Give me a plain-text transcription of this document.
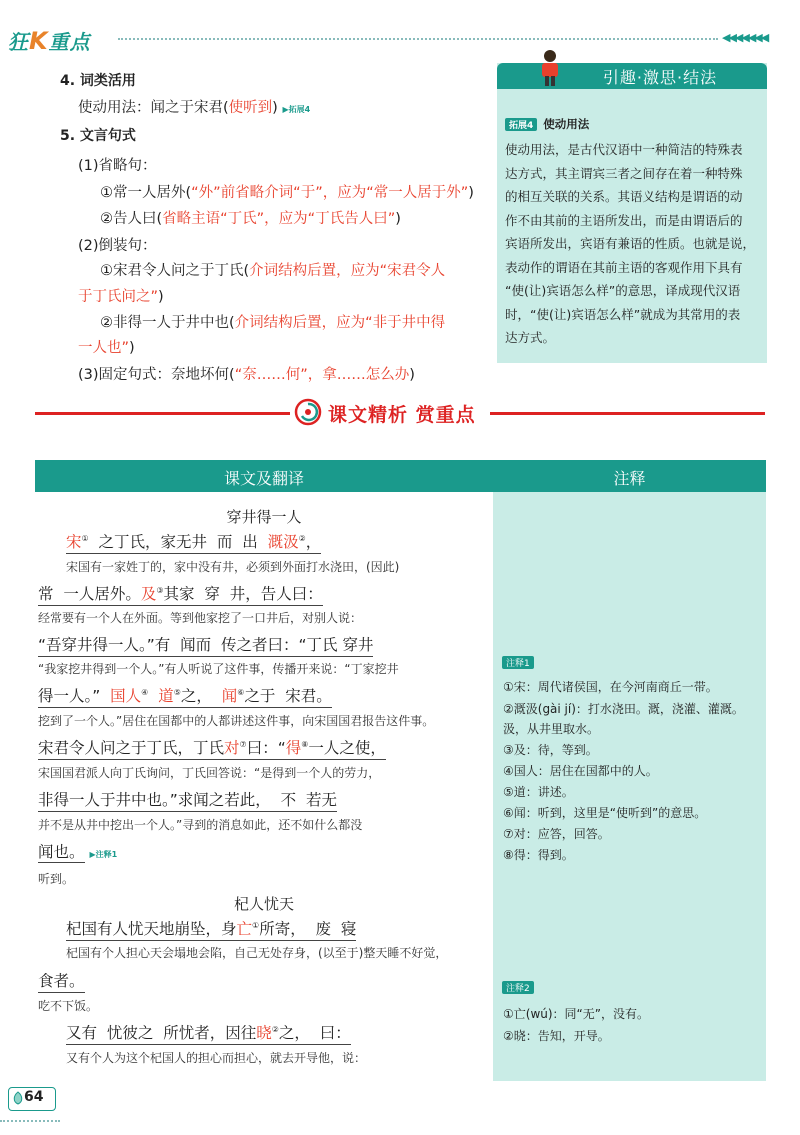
狂K重点	◀◀◀◀◀◀◀
4. 词类活用
使动用法：闻之于宋君(使听到) ▶拓展4
5. 文言句式
(1)省略句：
①常一人居外(“外”前省略介词“于”，应为“常一人居于外”)
②告人曰(省略主语“丁氏”，应为“丁氏告人曰”)
(2)倒装句：
①宋君令人问之于丁氏(介词结构后置，应为“宋君令人
于丁氏问之”)
②非得一人于井中也(介词结构后置，应为“非于井中得
一人也”)
(3)固定句式：奈地坏何(“奈……何”，拿……怎么办)
引趣·激思·结法
拓展4 使动用法
使动用法，是古代汉语中一种简洁的特殊表
达方式，其主谓宾三者之间存在着一种特殊
的相互关联的关系。其语义结构是谓语的动
作不由其前的主语所发出，而是由谓语后的
宾语所发出，宾语有兼语的性质。也就是说，
表动作的谓语在其前主语的客观作用下具有
“使(让)宾语怎么样”的意思，译成现代汉语
时，“使(让)宾语怎么样”就成为其常用的表
达方式。
课文精析 赏重点
课文及翻译	注释
穿井得一人
宋①  之丁氏，家无井  而  出  溉汲②，
宋国有一家姓丁的，家中没有井，必须到外面打水浇田，(因此)
常  一人居外。及③其家  穿  井，告人曰：
经常要有一个人在外面。等到他家挖了一口井后，对别人说：
“吾穿井得一人。”有  闻而  传之者曰：“丁氏 穿井
“我家挖井得到一个人。”有人听说了这件事，传播开来说：“丁家挖井
得一人。”  国人④ 道⑤之，  闻⑥之于  宋君。
挖到了一个人。”居住在国都中的人都讲述这件事，向宋国国君报告这件事。
宋君令人问之于丁氏，丁氏对⑦曰：“得⑧一人之使，
宋国国君派人向丁氏询问，丁氏回答说：“是得到一个人的劳力，
非得一人于井中也。”求闻之若此，  不  若无
并不是从井中挖出一个人。”寻到的消息如此，还不如什么都没
闻也。 ▶注释1
听到。
杞人忧天
杞国有人忧天地崩坠，身亡①所寄，  废  寝
杞国有个人担心天会塌地会陷，自己无处存身，(以至于)整天睡不好觉，
食者。
吃不下饭。
又有  忧彼之  所忧者，因往晓②之，  曰：
又有个人为这个杞国人的担心而担心，就去开导他，说：
注释1
①宋：周代诸侯国，在今河南商丘一带。
②溉汲(gài jí)：打水浇田。溉，浇灌、灌溉。
汲，从井里取水。
③及：待，等到。
④国人：居住在国都中的人。
⑤道：讲述。
⑥闻：听到，这里是“使听到”的意思。
⑦对：应答，回答。
⑧得：得到。
注释2
①亡(wú)：同“无”，没有。
②晓：告知，开导。
64
